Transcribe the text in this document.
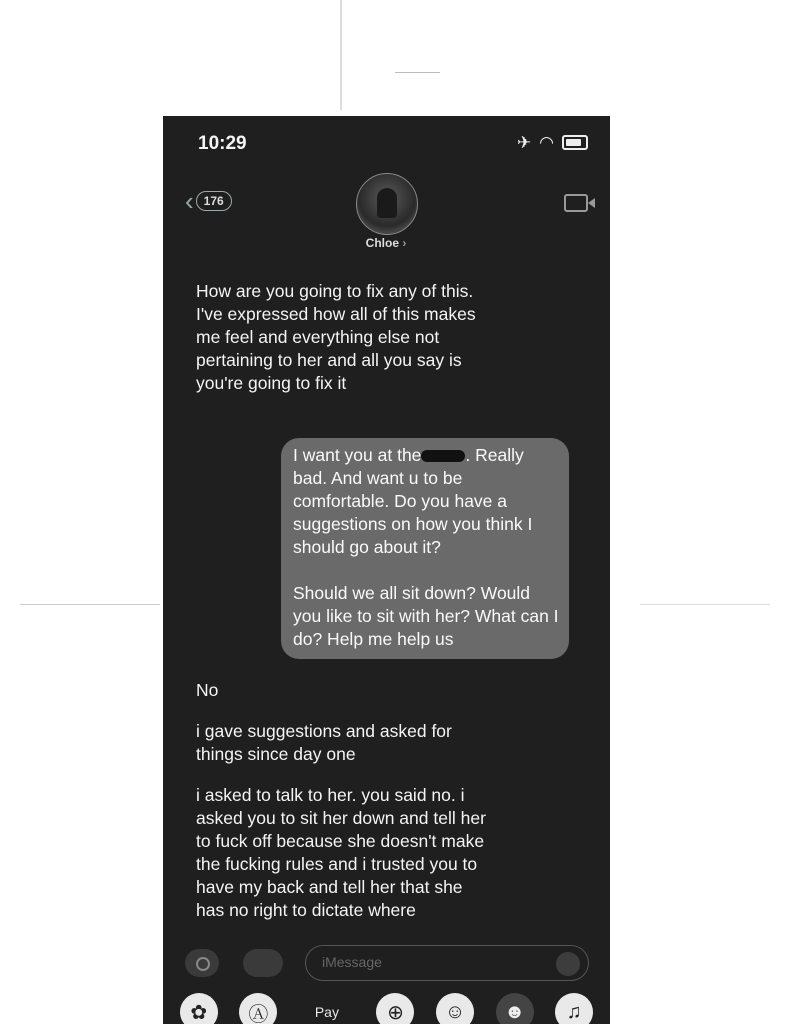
10:29	✈ ◠
‹ 176
Chloe ›
How are you going to fix any of this. I've expressed how all of this makes me feel and everything else not pertaining to her and all you say is you're going to fix it

I want you at the	. Really bad. And want u to be comfortable. Do you have a suggestions on how you think I should go about it?

Should we all sit down? Would you like to sit with her? What can I do? Help me help us

No
i gave suggestions and asked for things since day one
i asked to talk to her. you said no. i asked you to sit her down and tell her to fuck off because she doesn't make the fucking rules and i trusted you to have my back and tell her that she has no right to dictate where
iMessage
✿	Ⓐ	Pay	⊕	☺	☻	♫
